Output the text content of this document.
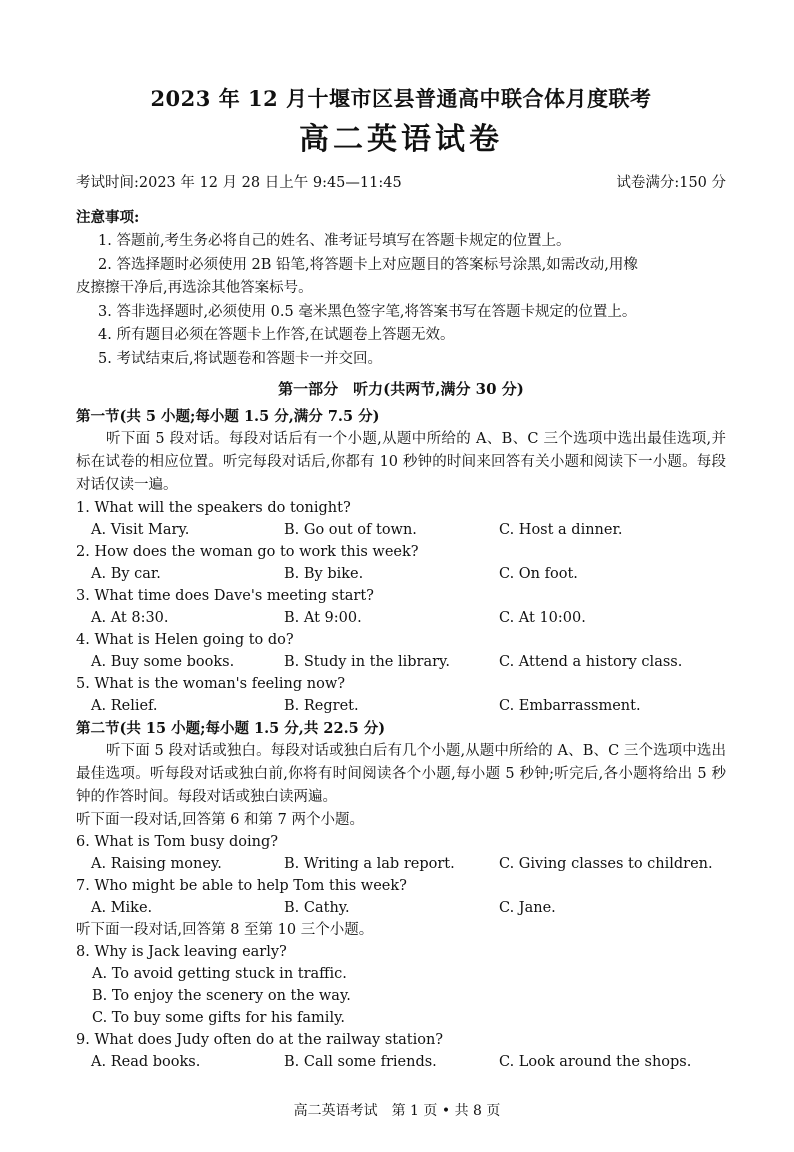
2023 年 12 月十堰市区县普通高中联合体月度联考
高二英语试卷
考试时间:2023 年 12 月 28 日上午 9:45—11:45	试卷满分:150 分
注意事项:
1. 答题前,考生务必将自己的姓名、准考证号填写在答题卡规定的位置上。
2. 答选择题时必须使用 2B 铅笔,将答题卡上对应题目的答案标号涂黑,如需改动,用橡
皮擦擦干净后,再选涂其他答案标号。
3. 答非选择题时,必须使用 0.5 毫米黑色签字笔,将答案书写在答题卡规定的位置上。
4. 所有题目必须在答题卡上作答,在试题卷上答题无效。
5. 考试结束后,将试题卷和答题卡一并交回。
第一部分　听力(共两节,满分 30 分)
第一节(共 5 小题;每小题 1.5 分,满分 7.5 分)
听下面 5 段对话。每段对话后有一个小题,从题中所给的 A、B、C 三个选项中选出最佳选项,并标在试卷的相应位置。听完每段对话后,你都有 10 秒钟的时间来回答有关小题和阅读下一小题。每段对话仅读一遍。
1. What will the speakers do tonight?
A. Visit Mary.	B. Go out of town.	C. Host a dinner.
2. How does the woman go to work this week?
A. By car.	B. By bike.	C. On foot.
3. What time does Dave's meeting start?
A. At 8:30.	B. At 9:00.	C. At 10:00.
4. What is Helen going to do?
A. Buy some books.	B. Study in the library.	C. Attend a history class.
5. What is the woman's feeling now?
A. Relief.	B. Regret.	C. Embarrassment.
第二节(共 15 小题;每小题 1.5 分,共 22.5 分)
听下面 5 段对话或独白。每段对话或独白后有几个小题,从题中所给的 A、B、C 三个选项中选出最佳选项。听每段对话或独白前,你将有时间阅读各个小题,每小题 5 秒钟;听完后,各小题将给出 5 秒钟的作答时间。每段对话或独白读两遍。
听下面一段对话,回答第 6 和第 7 两个小题。
6. What is Tom busy doing?
A. Raising money.	B. Writing a lab report.	C. Giving classes to children.
7. Who might be able to help Tom this week?
A. Mike.	B. Cathy.	C. Jane.
听下面一段对话,回答第 8 至第 10 三个小题。
8. Why is Jack leaving early?
A. To avoid getting stuck in traffic.
B. To enjoy the scenery on the way.
C. To buy some gifts for his family.
9. What does Judy often do at the railway station?
A. Read books.	B. Call some friends.	C. Look around the shops.
高二英语考试　第 1 页 • 共 8 页
